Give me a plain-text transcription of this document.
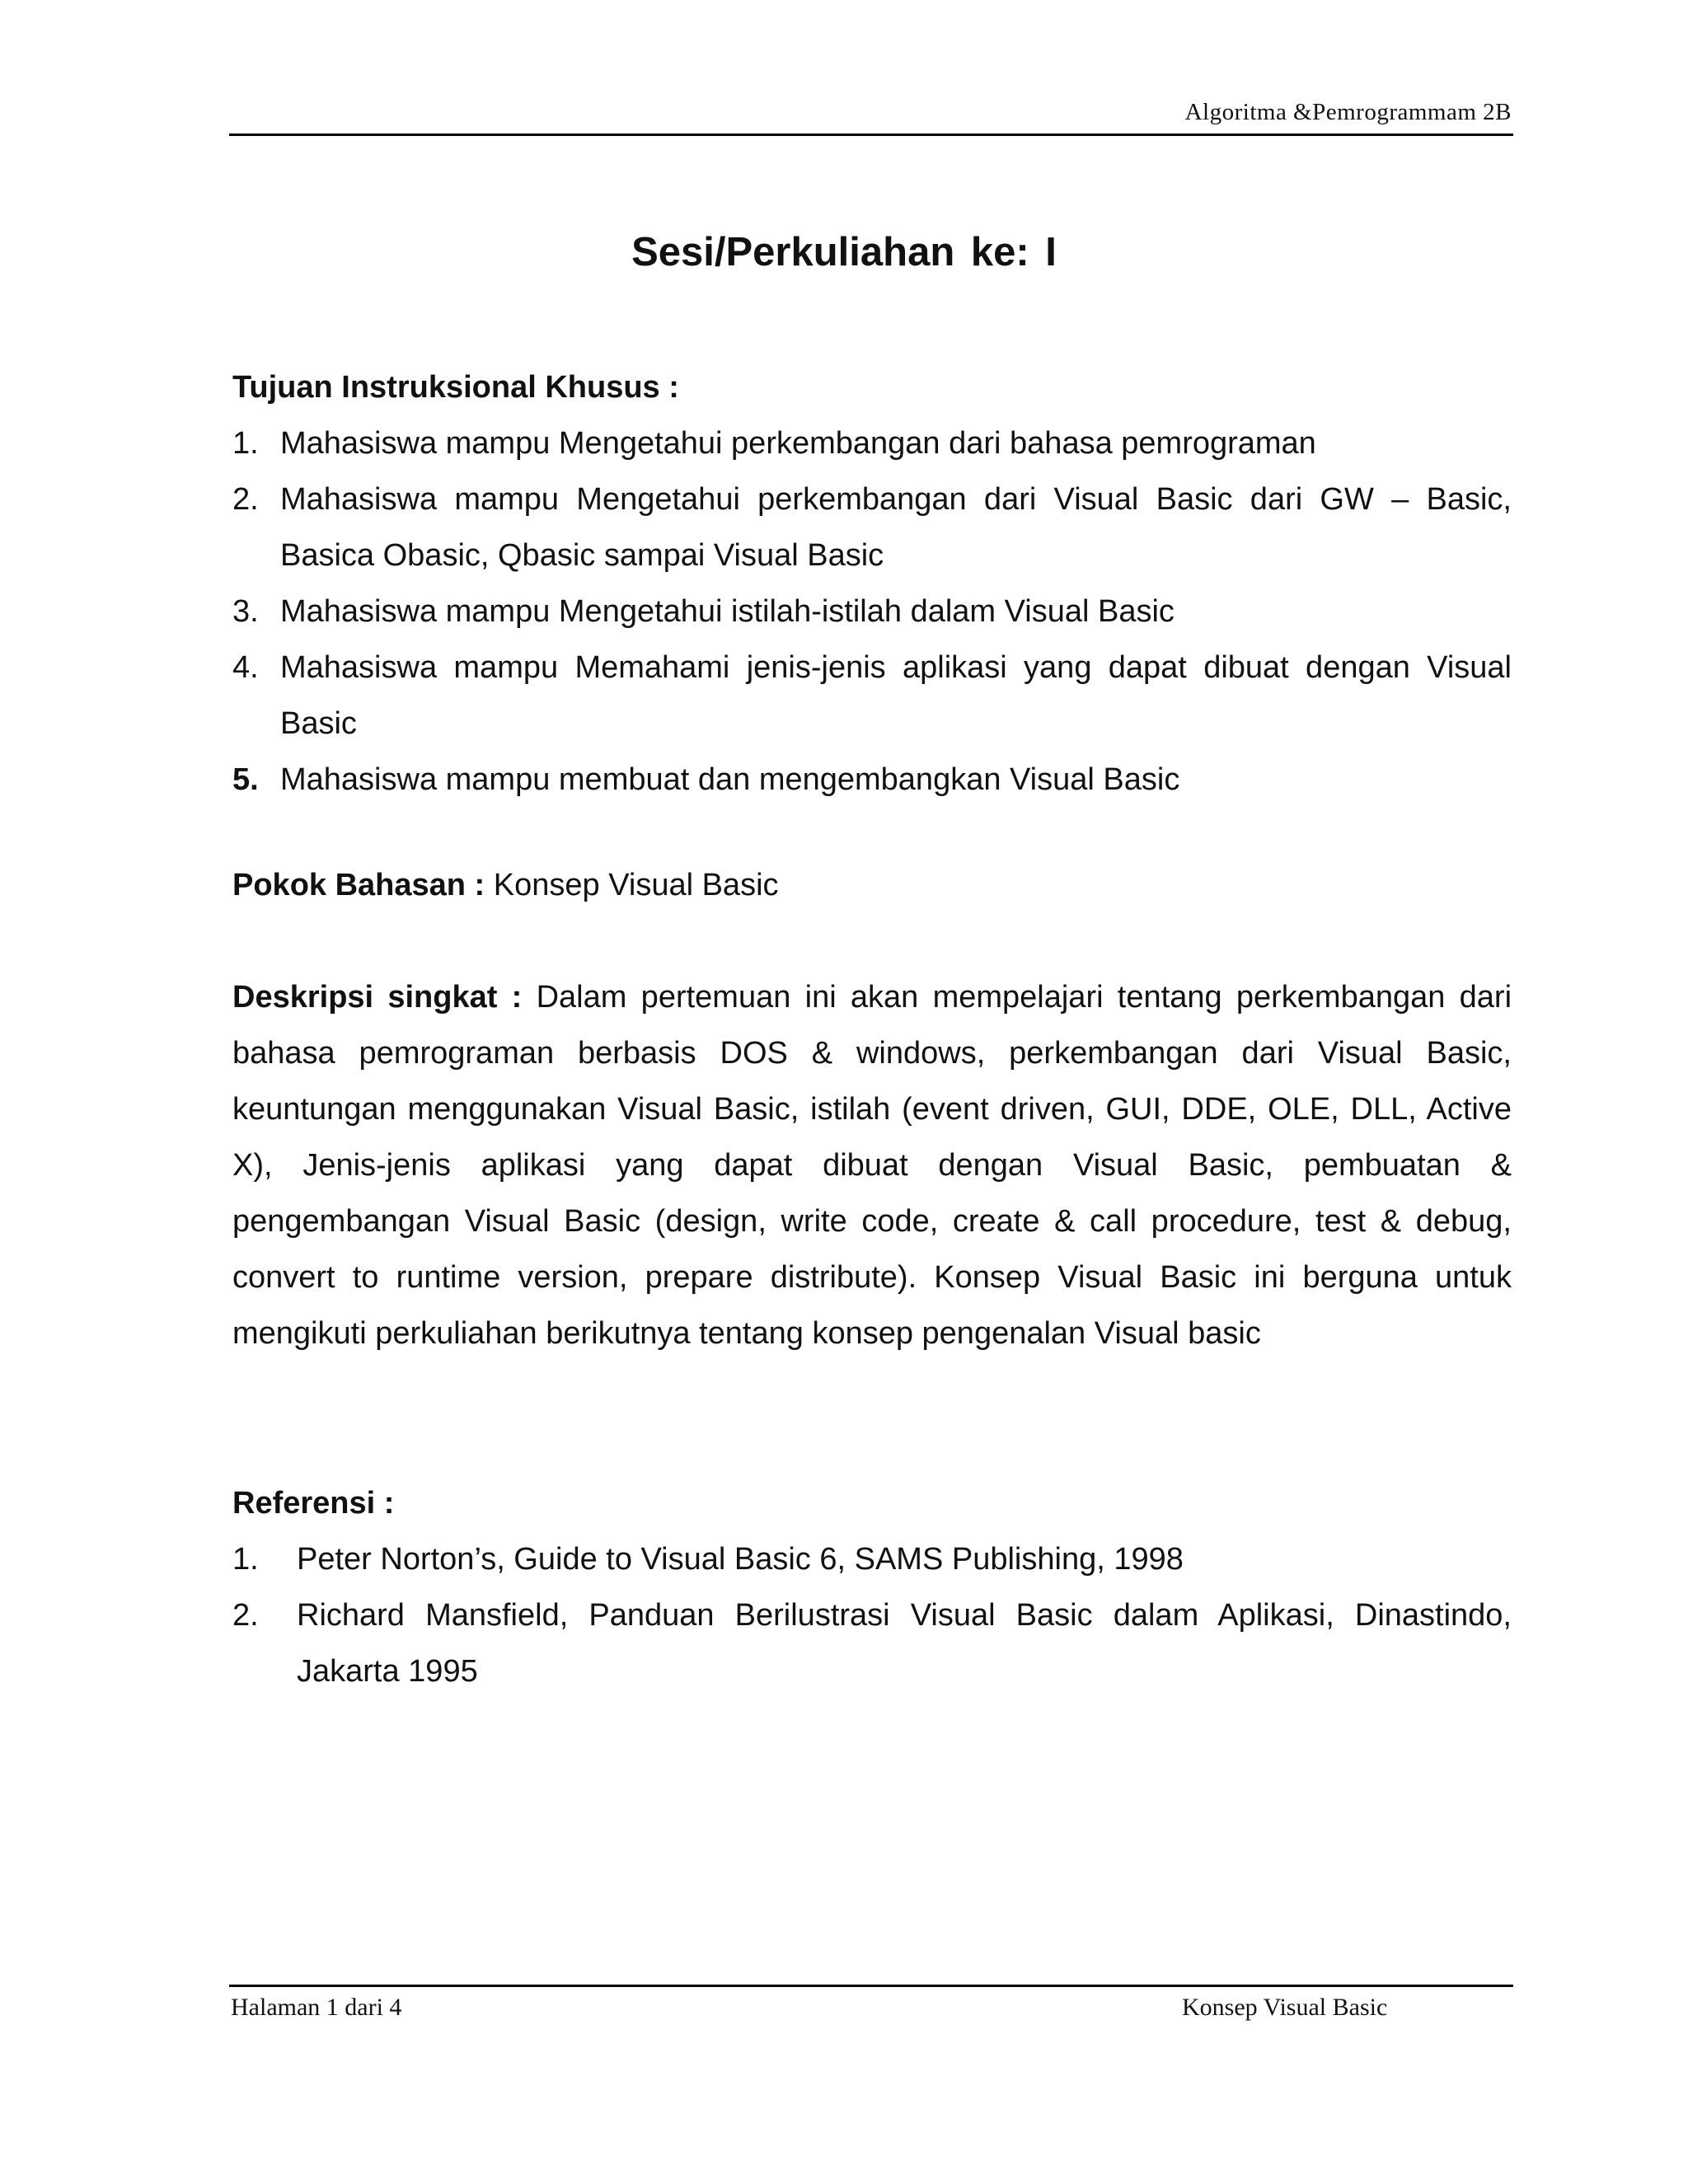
Algoritma &Pemrogrammam 2B
Sesi/Perkuliahan ke: I
Tujuan Instruksional Khusus :
1. Mahasiswa mampu Mengetahui perkembangan dari bahasa pemrograman
2. Mahasiswa mampu Mengetahui perkembangan dari Visual Basic dari GW – Basic, Basica Obasic, Qbasic sampai Visual Basic
3. Mahasiswa mampu Mengetahui istilah-istilah dalam Visual Basic
4. Mahasiswa mampu Memahami jenis-jenis aplikasi yang dapat dibuat dengan Visual Basic
5. Mahasiswa mampu membuat dan mengembangkan Visual Basic
Pokok Bahasan : Konsep Visual Basic
Deskripsi singkat : Dalam pertemuan ini akan mempelajari tentang perkembangan dari bahasa pemrograman berbasis DOS & windows, perkembangan dari Visual Basic, keuntungan menggunakan Visual Basic, istilah (event driven, GUI, DDE, OLE, DLL, Active X), Jenis-jenis aplikasi yang dapat dibuat dengan Visual Basic, pembuatan & pengembangan Visual Basic (design, write code, create & call procedure, test & debug, convert to runtime version, prepare distribute). Konsep Visual Basic ini berguna untuk mengikuti perkuliahan berikutnya tentang konsep pengenalan Visual basic
Referensi :
1. Peter Norton’s, Guide to Visual Basic 6, SAMS Publishing, 1998
2. Richard Mansfield, Panduan Berilustrasi Visual Basic dalam Aplikasi, Dinastindo, Jakarta 1995
Halaman 1 dari 4	Konsep Visual Basic
